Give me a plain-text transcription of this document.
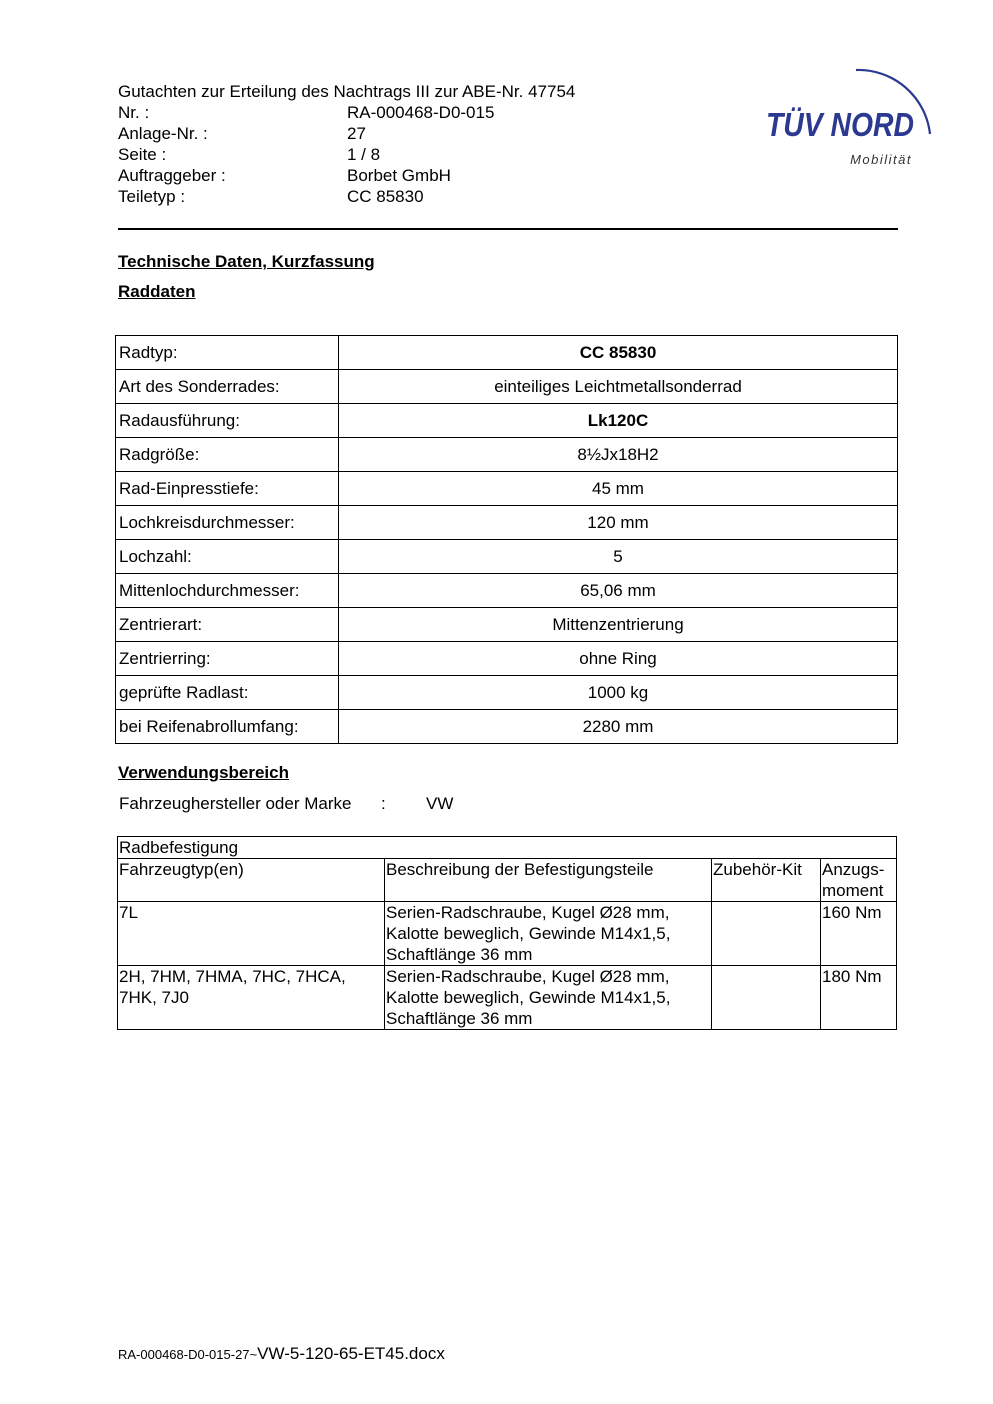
Gutachten zur Erteilung des Nachtrags III zur ABE-Nr. 47754
Nr. :	RA-000468-D0-015
Anlage-Nr. :	27
Seite :	1 / 8
Auftraggeber :	Borbet GmbH
Teiletyp :	CC 85830
TÜV NORD
Mobilität
Technische Daten, Kurzfassung
Raddaten
Radtyp:	CC 85830
Art des Sonderrades:	einteiliges Leichtmetallsonderrad
Radausführung:	Lk120C
Radgröße:	8½Jx18H2
Rad-Einpresstiefe:	45 mm
Lochkreisdurchmesser:	120 mm
Lochzahl:	5
Mittenlochdurchmesser:	65,06 mm
Zentrierart:	Mittenzentrierung
Zentrierring:	ohne Ring
geprüfte Radlast:	1000 kg
bei Reifenabrollumfang:	2280 mm
Verwendungsbereich
Fahrzeughersteller oder Marke : VW
Radbefestigung			
Fahrzeugtyp(en)	Beschreibung der Befestigungsteile	Zubehör-Kit	Anzugs-
moment
7L	Serien-Radschraube, Kugel Ø28 mm,
Kalotte beweglich, Gewinde M14x1,5,
Schaftlänge 36 mm		160 Nm
2H, 7HM, 7HMA, 7HC, 7HCA,
7HK, 7J0	Serien-Radschraube, Kugel Ø28 mm,
Kalotte beweglich, Gewinde M14x1,5,
Schaftlänge 36 mm		180 Nm
RA-000468-D0-015-27~VW-5-120-65-ET45.docx
